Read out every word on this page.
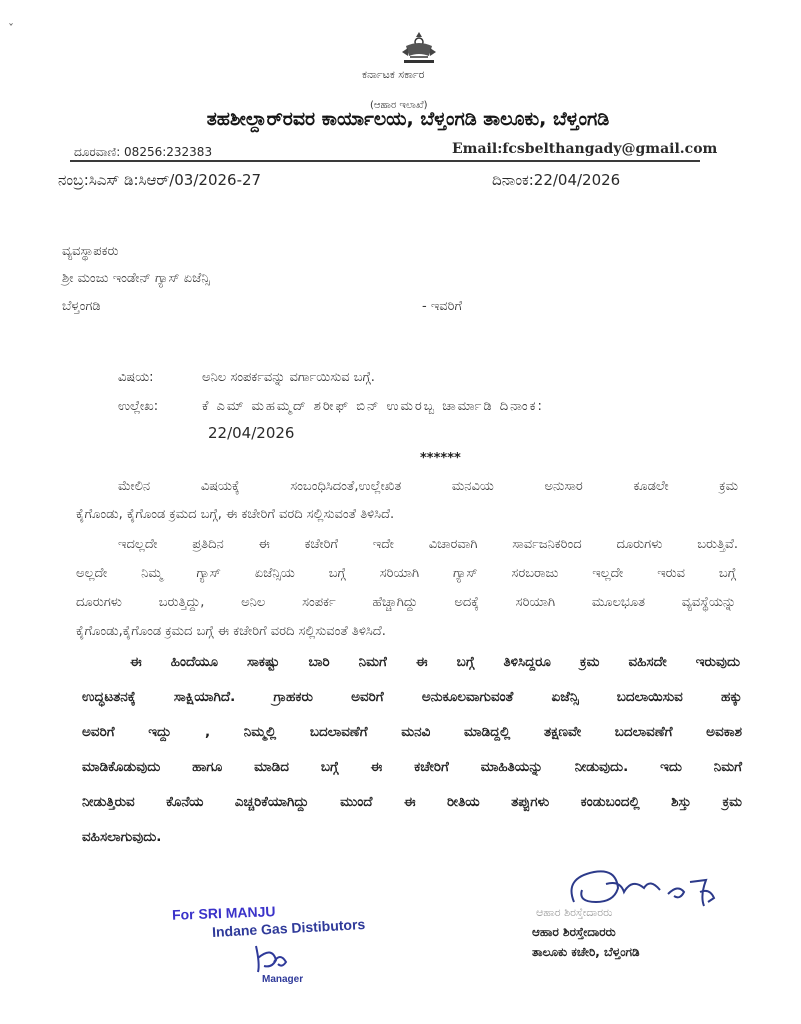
ˇ
ಕರ್ನಾಟಕ ಸರ್ಕಾರ
(ಆಹಾರ ಇಲಾಖೆ)
ತಹಶೀಲ್ದಾರ್‌ರವರ ಕಾರ್ಯಾಲಯ, ಬೆಳ್ತಂಗಡಿ ತಾಲೂಕು, ಬೆಳ್ತಂಗಡಿ
ದೂರವಾಣಿ: 08256:232383	Email:fcsbelthangady@gmail.com
ನಂಬ್ರ:ಸಿಎಸ್‌ ಡಿ:ಸಿಆರ್/03/2026-27	ದಿನಾಂಕ:22/04/2026
ವ್ಯವಸ್ಥಾಪಕರು
ಶ್ರೀ ಮಂಜು ಇಂಡೇನ್‌ ಗ್ಯಾಸ್‌ ಏಜೆನ್ಸಿ
ಬೆಳ್ತಂಗಡಿ	- ಇವರಿಗೆ
ವಿಷಯ:	ಅನಿಲ ಸಂಪರ್ಕವನ್ನು ವರ್ಗಾಯಿಸುವ ಬಗ್ಗೆ.
ಉಲ್ಲೇಖ:	ಕೆ ಎಮ್ ಮಹಮ್ಮದ್ ಶರೀಫ್ ಬಿನ್ ಉಮರಬ್ಬ ಚಾರ್ಮಾಡಿ ದಿನಾಂಕ:
22/04/2026
******
ಮೇಲಿನ ವಿಷಯಕ್ಕೆ ಸಂಬಂಧಿಸಿದಂತೆ,ಉಲ್ಲೇಖಿತ ಮನವಿಯ ಅನುಸಾರ ಕೂಡಲೇ ಕ್ರಮ
ಕೈಗೊಂಡು, ಕೈಗೊಂಡ ಕ್ರಮದ ಬಗ್ಗೆ, ಈ ಕಚೇರಿಗೆ ವರದಿ ಸಲ್ಲಿಸುವಂತೆ ತಿಳಿಸಿದೆ.
ಇದಲ್ಲದೇ ಪ್ರತಿದಿನ ಈ ಕಚೇರಿಗೆ ಇದೇ ವಿಚಾರವಾಗಿ ಸಾರ್ವಜನಿಕರಿಂದ ದೂರುಗಳು ಬರುತ್ತಿವೆ.
ಅಲ್ಲದೇ ನಿಮ್ಮ ಗ್ಯಾಸ್ ಏಜೆನ್ಸಿಯ ಬಗ್ಗೆ ಸರಿಯಾಗಿ ಗ್ಯಾಸ್ ಸರಬರಾಜು ಇಲ್ಲದೇ ಇರುವ ಬಗ್ಗೆ
ದೂರುಗಳು ಬರುತ್ತಿದ್ದು, ಅನಿಲ ಸಂಪರ್ಕ ಹೆಚ್ಚಾಗಿದ್ದು ಅದಕ್ಕೆ ಸರಿಯಾಗಿ ಮೂಲಭೂತ ವ್ಯವಸ್ಥೆಯನ್ನು
ಕೈಗೊಂಡು,ಕೈಗೊಂಡ ಕ್ರಮದ ಬಗ್ಗೆ ಈ ಕಚೇರಿಗೆ ವರದಿ ಸಲ್ಲಿಸುವಂತೆ ತಿಳಿಸಿದೆ.
ಈ ಹಿಂದೆಯೂ ಸಾಕಷ್ಟು ಬಾರಿ ನಿಮಗೆ ಈ ಬಗ್ಗೆ ತಿಳಿಸಿದ್ದರೂ ಕ್ರಮ ವಹಿಸದೇ ಇರುವುದು
ಉದ್ಧಟತನಕ್ಕೆ ಸಾಕ್ಷಿಯಾಗಿದೆ. ಗ್ರಾಹಕರು ಅವರಿಗೆ ಅನುಕೂಲವಾಗುವಂತೆ ಏಜೆನ್ಸಿ ಬದಲಾಯಿಸುವ ಹಕ್ಕು
ಅವರಿಗೆ ಇದ್ದು , ನಿಮ್ಮಲ್ಲಿ ಬದಲಾವಣೆಗೆ ಮನವಿ ಮಾಡಿದ್ದಲ್ಲಿ ತಕ್ಷಣವೇ ಬದಲಾವಣೆಗೆ ಅವಕಾಶ
ಮಾಡಿಕೊಡುವುದು ಹಾಗೂ ಮಾಡಿದ ಬಗ್ಗೆ ಈ ಕಚೇರಿಗೆ ಮಾಹಿತಿಯನ್ನು ನೀಡುವುದು. ಇದು ನಿಮಗೆ
ನೀಡುತ್ತಿರುವ ಕೊನೆಯ ಎಚ್ಚರಿಕೆಯಾಗಿದ್ದು ಮುಂದೆ ಈ ರೀತಿಯ ತಪ್ಪುಗಳು ಕಂಡುಬಂದಲ್ಲಿ ಶಿಸ್ತು ಕ್ರಮ
ವಹಿಸಲಾಗುವುದು.
For SRI MANJU
Indane Gas Distibutors
Manager
ಆಹಾರ ಶಿರಸ್ತೇದಾರರು
ಆಹಾರ ಶಿರಸ್ತೇದಾರರು
ತಾಲೂಕು ಕಚೇರಿ, ಬೆಳ್ತಂಗಡಿ
